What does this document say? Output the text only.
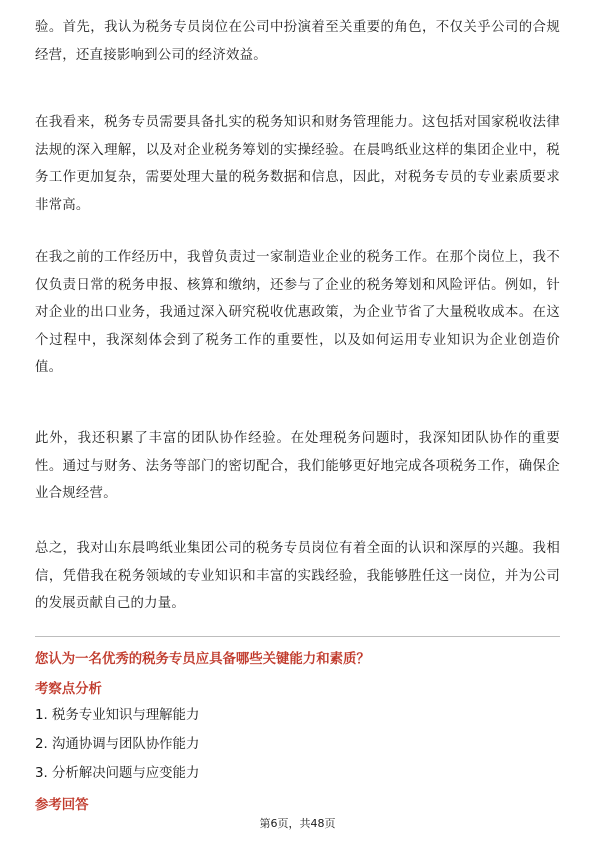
验。首先，我认为税务专员岗位在公司中扮演着至关重要的角色，不仅关乎公司的合规经营，还直接影响到公司的经济效益。

在我看来，税务专员需要具备扎实的税务知识和财务管理能力。这包括对国家税收法律法规的深入理解，以及对企业税务筹划的实操经验。在晨鸣纸业这样的集团企业中，税务工作更加复杂，需要处理大量的税务数据和信息，因此，对税务专员的专业素质要求非常高。

在我之前的工作经历中，我曾负责过一家制造业企业的税务工作。在那个岗位上，我不仅负责日常的税务申报、核算和缴纳，还参与了企业的税务筹划和风险评估。例如，针对企业的出口业务，我通过深入研究税收优惠政策，为企业节省了大量税收成本。在这个过程中，我深刻体会到了税务工作的重要性，以及如何运用专业知识为企业创造价值。

此外，我还积累了丰富的团队协作经验。在处理税务问题时，我深知团队协作的重要性。通过与财务、法务等部门的密切配合，我们能够更好地完成各项税务工作，确保企业合规经营。

总之，我对山东晨鸣纸业集团公司的税务专员岗位有着全面的认识和深厚的兴趣。我相信，凭借我在税务领域的专业知识和丰富的实践经验，我能够胜任这一岗位，并为公司的发展贡献自己的力量。

您认为一名优秀的税务专员应具备哪些关键能力和素质？

考察点分析

1. 税务专业知识与理解能力
2. 沟通协调与团队协作能力
3. 分析解决问题与应变能力

参考回答

第6页，共48页
